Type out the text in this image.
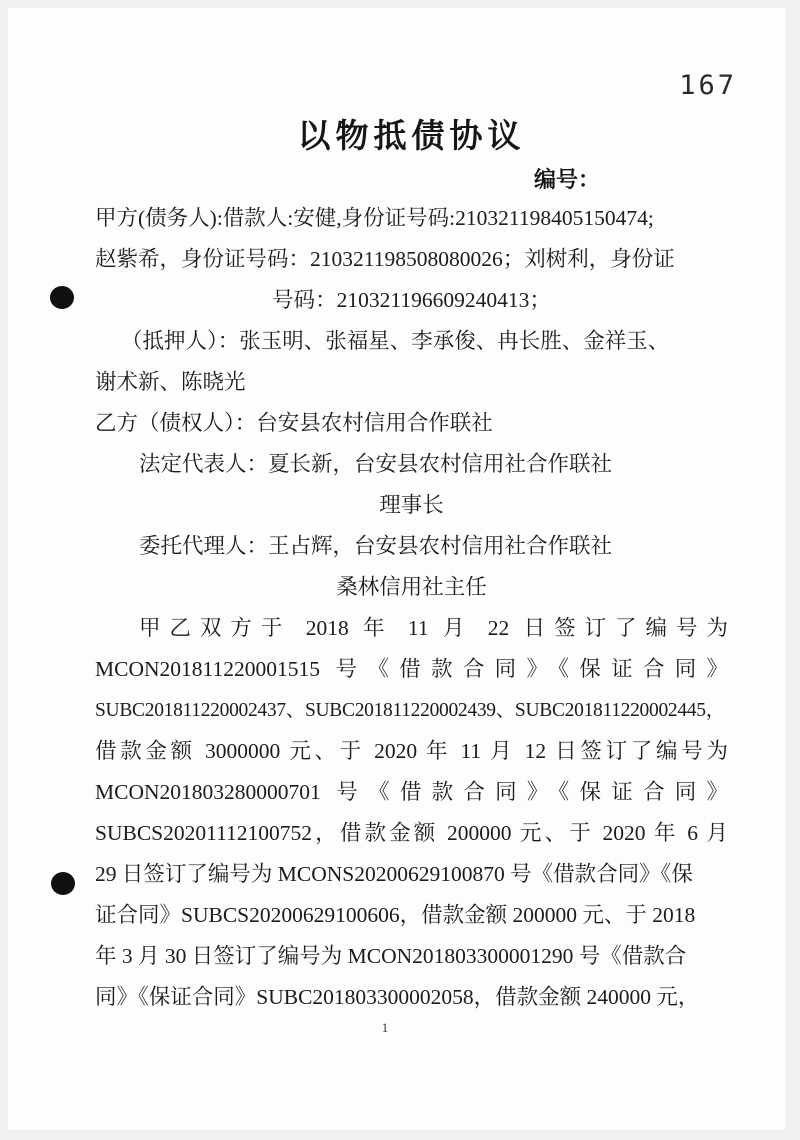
167
以物抵债协议
编号：
甲方(债务人):借款人:安健,身份证号码:210321198405150474;
赵紫希，身份证号码：210321198508080026；刘树利，身份证
号码：210321196609240413；
（抵押人）：张玉明、张福星、李承俊、冉长胜、金祥玉、
谢术新、陈晓光
乙方（债权人）：台安县农村信用合作联社
法定代表人：夏长新，台安县农村信用社合作联社
理事长
委托代理人：王占辉，台安县农村信用社合作联社
桑林信用社主任
甲乙双方于 2018 年 11 月 22 日签订了编号为
MCON201811220001515 号《借款合同》《保证合同》
SUBC201811220002437、SUBC201811220002439、SUBC201811220002445，
借款金额 3000000 元、于 2020 年 11 月 12 日签订了编号为
MCON201803280000701 号《借款合同》《保证合同》
SUBCS20201112100752，借款金额 200000 元、于 2020 年 6 月
29 日签订了编号为 MCONS20200629100870 号《借款合同》《保
证合同》SUBCS20200629100606，借款金额 200000 元、于 2018
年 3 月 30 日签订了编号为 MCON201803300001290 号《借款合
同》《保证合同》SUBC201803300002058，借款金额 240000 元，
1
